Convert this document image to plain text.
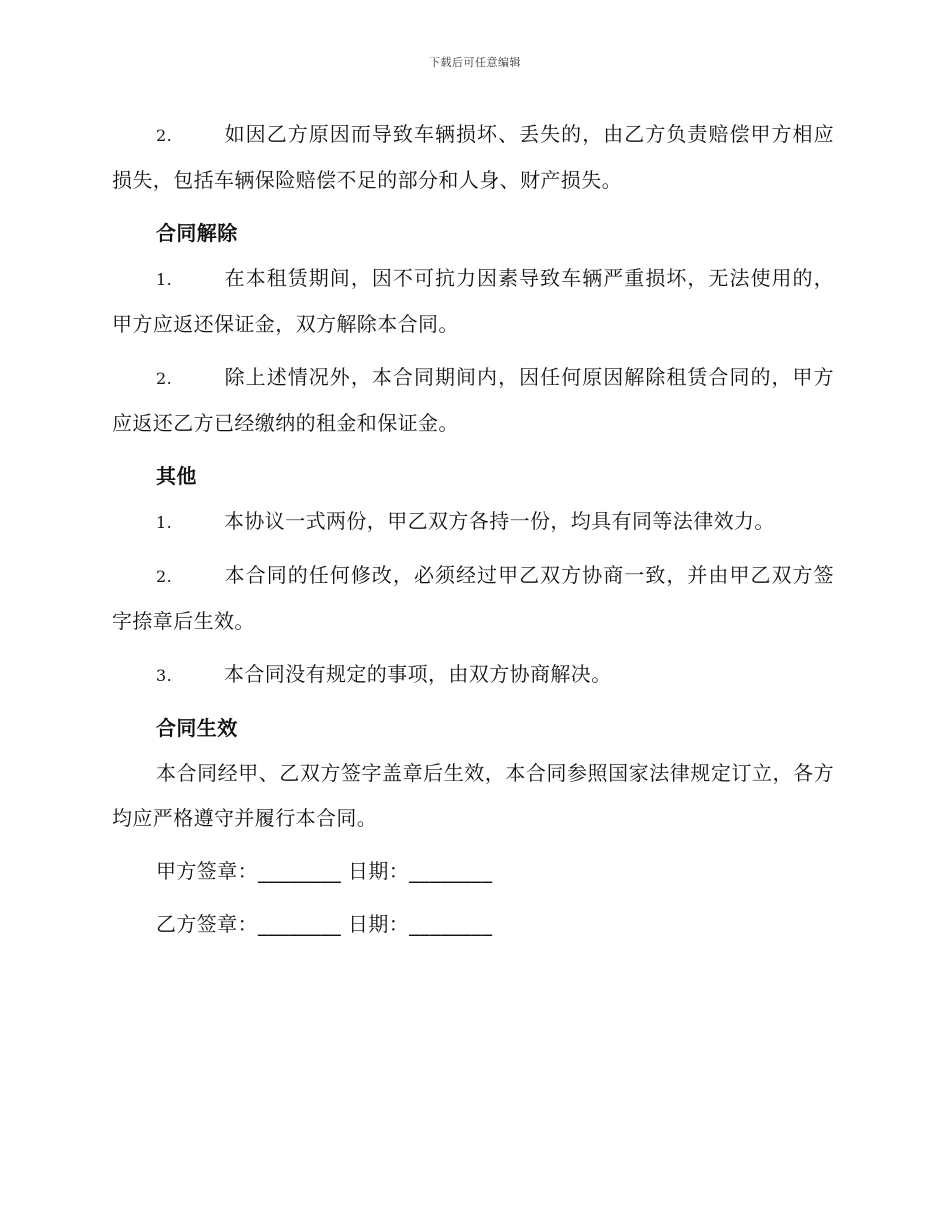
下载后可任意编辑

2.	如因乙方原因而导致车辆损坏、丢失的，由乙方负责赔偿甲方相应损失，包括车辆保险赔偿不足的部分和人身、财产损失。

合同解除

1.	在本租赁期间，因不可抗力因素导致车辆严重损坏，无法使用的，甲方应返还保证金，双方解除本合同。

2.	除上述情况外，本合同期间内，因任何原因解除租赁合同的，甲方应返还乙方已经缴纳的租金和保证金。

其他

1.	本协议一式两份，甲乙双方各持一份，均具有同等法律效力。

2.	本合同的任何修改，必须经过甲乙双方协商一致，并由甲乙双方签字捺章后生效。

3.	本合同没有规定的事项，由双方协商解决。

合同生效

本合同经甲、乙双方签字盖章后生效，本合同参照国家法律规定订立，各方均应严格遵守并履行本合同。

甲方签章：________ 日期：________

乙方签章：________ 日期：________
